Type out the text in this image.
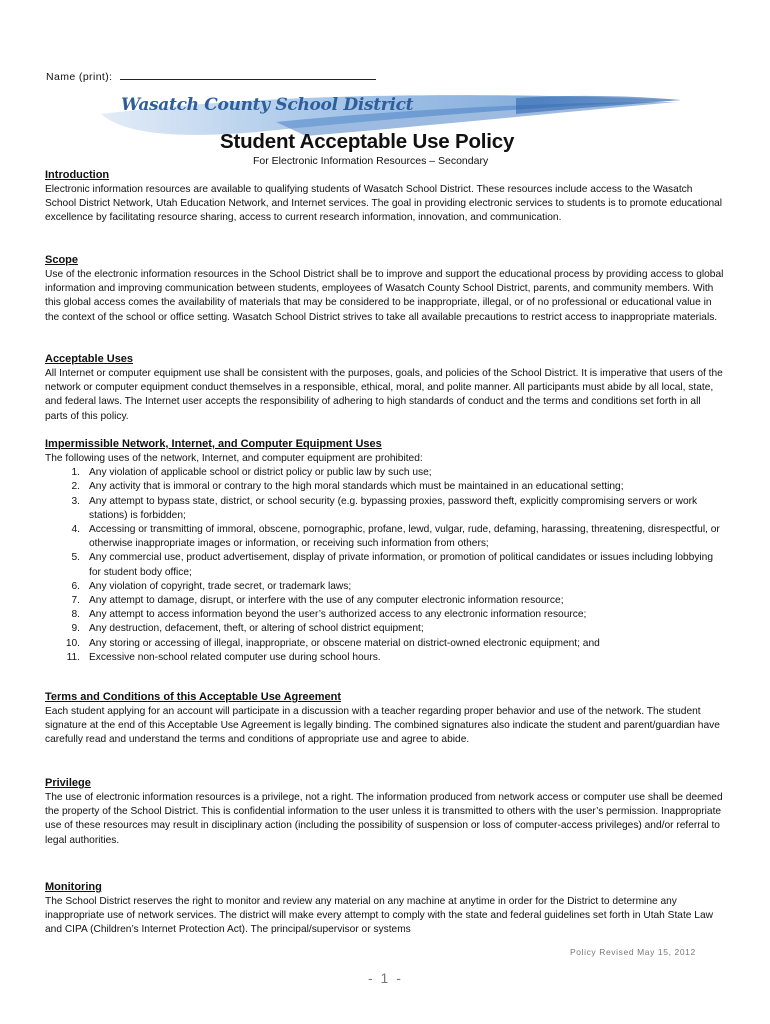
Name (print):
Wasatch County School District
Student Acceptable Use Policy
For Electronic Information Resources – Secondary

Introduction

Electronic information resources are available to qualifying students of Wasatch School District. These resources include access to the Wasatch School District Network, Utah Education Network, and Internet services. The goal in providing electronic services to students is to promote educational excellence by facilitating resource sharing, access to current research information, innovation, and communication.

Scope

Use of the electronic information resources in the School District shall be to improve and support the educational process by providing access to global information and improving communication between students, employees of Wasatch County School District, parents, and community members. With this global access comes the availability of materials that may be considered to be inappropriate, illegal, or of no professional or educational value in the context of the school or office setting. Wasatch School District strives to take all available precautions to restrict access to inappropriate materials.

Acceptable Uses

All Internet or computer equipment use shall be consistent with the purposes, goals, and policies of the School District. It is imperative that users of the network or computer equipment conduct themselves in a responsible, ethical, moral, and polite manner. All participants must abide by all local, state, and federal laws. The Internet user accepts the responsibility of adhering to high standards of conduct and the terms and conditions set forth in all parts of this policy.

Impermissible Network, Internet, and Computer Equipment Uses

The following uses of the network, Internet, and computer equipment are prohibited:

1. Any violation of applicable school or district policy or public law by such use;
2. Any activity that is immoral or contrary to the high moral standards which must be maintained in an educational setting;
3. Any attempt to bypass state, district, or school security (e.g. bypassing proxies, password theft, explicitly compromising servers or work stations) is forbidden;
4. Accessing or transmitting of immoral, obscene, pornographic, profane, lewd, vulgar, rude, defaming, harassing, threatening, disrespectful, or otherwise inappropriate images or information, or receiving such information from others;
5. Any commercial use, product advertisement, display of private information, or promotion of political candidates or issues including lobbying for student body office;
6. Any violation of copyright, trade secret, or trademark laws;
7. Any attempt to damage, disrupt, or interfere with the use of any computer electronic information resource;
8. Any attempt to access information beyond the user’s authorized access to any electronic information resource;
9. Any destruction, defacement, theft, or altering of school district equipment;
10. Any storing or accessing of illegal, inappropriate, or obscene material on district-owned electronic equipment; and
11. Excessive non-school related computer use during school hours.

Terms and Conditions of this Acceptable Use Agreement

Each student applying for an account will participate in a discussion with a teacher regarding proper behavior and use of the network. The student signature at the end of this Acceptable Use Agreement is legally binding. The combined signatures also indicate the student and parent/guardian have carefully read and understand the terms and conditions of appropriate use and agree to abide.

Privilege

The use of electronic information resources is a privilege, not a right. The information produced from network access or computer use shall be deemed the property of the School District. This is confidential information to the user unless it is transmitted to others with the user’s permission. Inappropriate use of these resources may result in disciplinary action (including the possibility of suspension or loss of computer-access privileges) and/or referral to legal authorities.

Monitoring

The School District reserves the right to monitor and review any material on any machine at anytime in order for the District to determine any inappropriate use of network services. The district will make every attempt to comply with the state and federal guidelines set forth in Utah State Law and CIPA (Children’s Internet Protection Act). The principal/supervisor or systems

Policy Revised May 15, 2012
- 1 -
